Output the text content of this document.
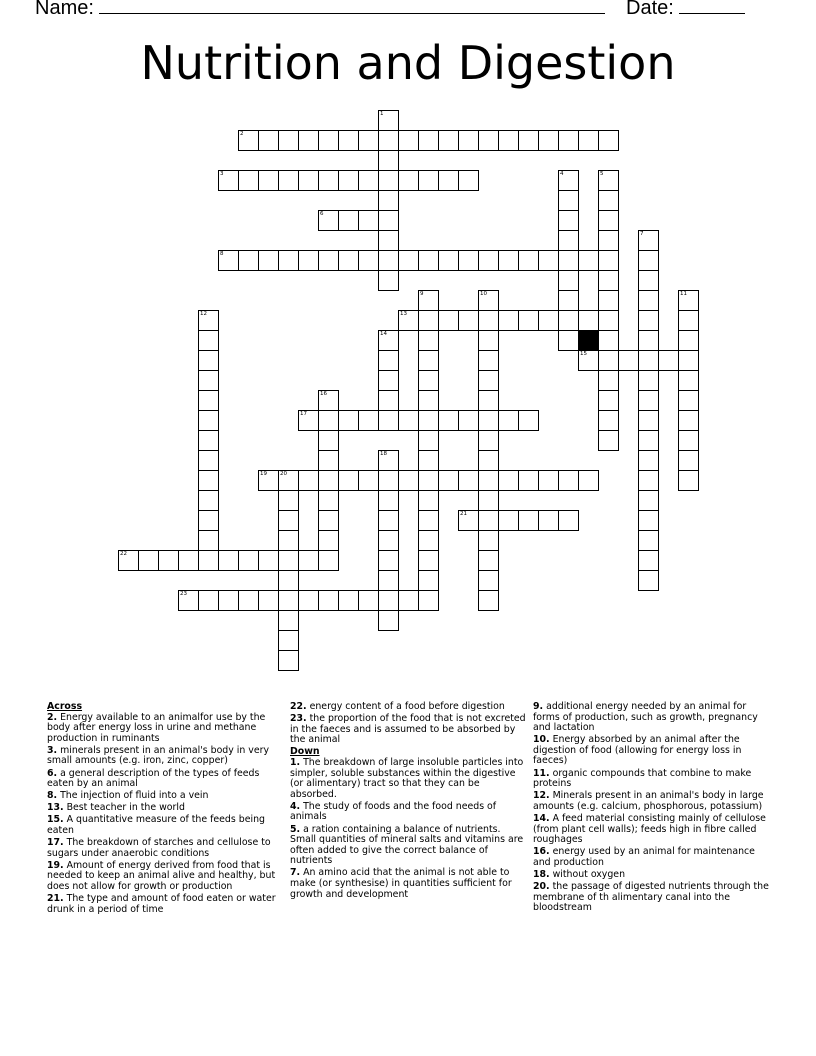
Name:	Date:
Nutrition and Digestion
1
2
3	4	5
6
7
8
9	10	11
12	13
14
15
16
17
18
19 20
21
22
23
Across
2. Energy available to an animalfor use by the body after energy loss in urine and methane production in ruminants
3. minerals present in an animal's body in very small amounts (e.g. iron, zinc, copper)
6. a general description of the types of feeds eaten by an animal
8. The injection of fluid into a vein
13. Best teacher in the world
15. A quantitative measure of the feeds being eaten
17. The breakdown of starches and cellulose to sugars under anaerobic conditions
19. Amount of energy derived from food that is needed to keep an animal alive and healthy, but does not allow for growth or production
21. The type and amount of food eaten or water drunk in a period of time
22. energy content of a food before digestion
23. the proportion of the food that is not excreted in the faeces and is assumed to be absorbed by the animal
Down
1. The breakdown of large insoluble particles into simpler, soluble substances within the digestive (or alimentary) tract so that they can be absorbed.
4. The study of foods and the food needs of animals
5. a ration containing a balance of nutrients. Small quantities of mineral salts and vitamins are often added to give the correct balance of nutrients
7. An amino acid that the animal is not able to make (or synthesise) in quantities sufficient for growth and development
9. additional energy needed by an animal for forms of production, such as growth, pregnancy and lactation
10. Energy absorbed by an animal after the digestion of food (allowing for energy loss in faeces)
11. organic compounds that combine to make proteins
12. Minerals present in an animal's body in large amounts (e.g. calcium, phosphorous, potassium)
14. A feed material consisting mainly of cellulose (from plant cell walls); feeds high in fibre called roughages
16. energy used by an animal for maintenance and production
18. without oxygen
20. the passage of digested nutrients through the membrane of th alimentary canal into the bloodstream
